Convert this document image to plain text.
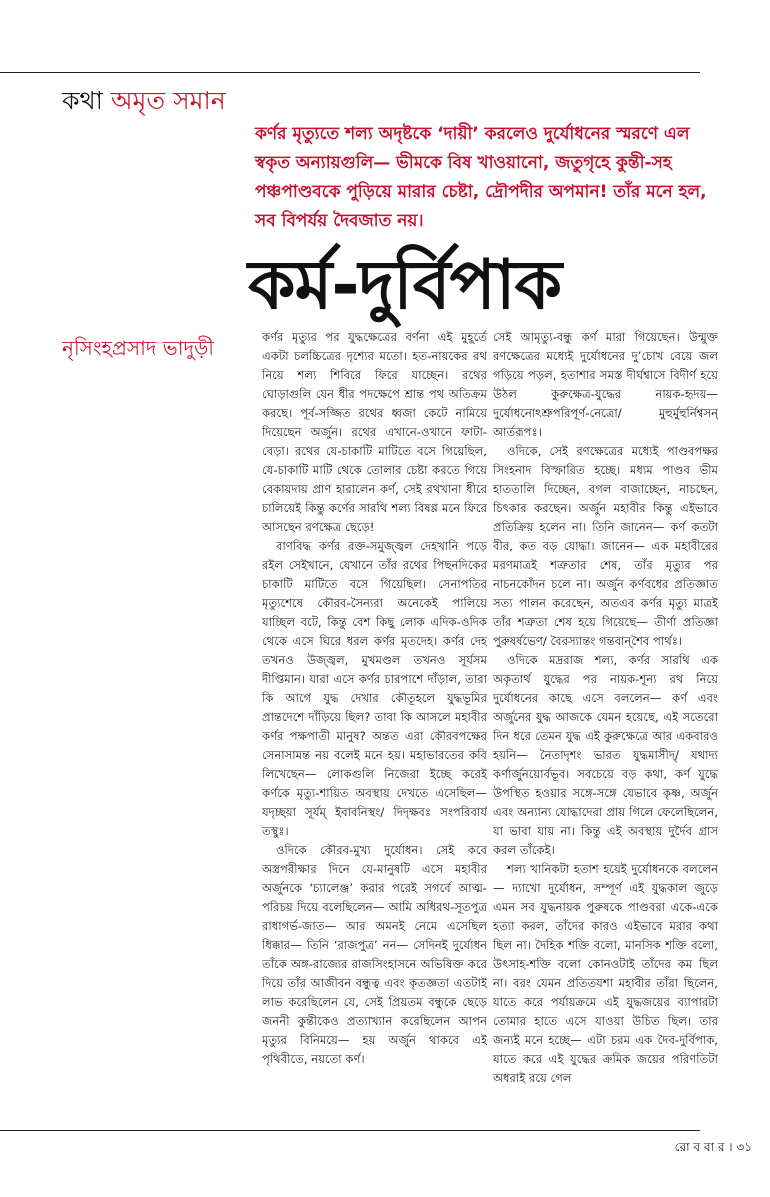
কথা অমৃত সমান
কর্ণর মৃত্যুতে শল্য অদৃষ্টকে ‘দায়ী’ করলেও দুর্যোধনের স্মরণে এল স্বকৃত অন্যায়গুলি— ভীমকে বিষ খাওয়ানো, জতুগৃহে কুন্তী-সহ পঞ্চপাণ্ডবকে পুড়িয়ে মারার চেষ্টা, দ্রৌপদীর অপমান! তাঁর মনে হল, সব বিপর্যয় দৈবজাত নয়।
কর্ম-দুর্বিপাক
নৃসিংহপ্রসাদ ভাদুড়ী	কর্ণর মৃত্যুর পর যুদ্ধক্ষেত্রের বর্ণনা এই মুহূর্তে একটা চলচ্চিত্রের দৃশ্যের মতো। হত-নায়কের রথ নিয়ে শল্য শিবিরে ফিরে যাচ্ছেন। রথের ঘোড়াগুলি যেন ধীর পদক্ষেপে শ্রান্ত পথ অতিক্রম করছে। পূর্ব-সজ্জিত রথের ধ্বজা কেটে নামিয়ে দিয়েছেন অর্জুন। রথের এখানে-ওখানে ফাটা-বেড়া। রথের যে-চাকাটি মাটিতে বসে গিয়েছিল, যে-চাকাটি মাটি থেকে তোলার চেষ্টা করতে গিয়ে বেকায়দায় প্রাণ হারালেন কর্ণ, সেই রথখানা ধীরে চালিয়েই কিন্তু কর্ণের সারথি শল্য বিষণ্ণ মনে ফিরে আসছেন রণক্ষেত্র ছেড়ে!

বাণবিদ্ধ কর্ণর রক্ত-সমুজ্জ্বল দেহখানি পড়ে রইল সেইখানে, যেখানে তাঁর রথের পিছনদিকের চাকাটি মাটিতে বসে গিয়েছিল। সেনাপতির মৃত্যুশেষে কৌরব-সৈন্যরা অনেকেই পালিয়ে যাচ্ছিল বটে, কিন্তু বেশ কিছু লোক এদিক-ওদিক থেকে এসে ঘিরে ধরল কর্ণর মৃতদেহ। কর্ণর দেহ তখনও উজ্জ্বল, মুখমণ্ডল তখনও সূর্যসম দীপ্তিমান। যারা এসে কর্ণর চারপাশে দাঁড়াল, তারা কি আগে যুদ্ধ দেখার কৌতূহলে যুদ্ধভূমির প্রান্তদেশে দাঁড়িয়ে ছিল? তাবা কি আসলে মহাবীর কর্ণর পক্ষপাতী মানুষ? অন্তত এরা কৌরবপক্ষের সেনাসামন্ত নয় বলেই মনে হয়। মহাভারতের কবি লিখেছেন— লোকগুলি নিজেরা ইচ্ছে করেই কর্ণকে মৃত্যু-শায়িত অবস্থায় দেখতে এসেছিল— যদৃচ্ছয়া সূর্যম্ ইবাবনিস্থং/ দিদৃক্ষবঃ সংপরিবার্য তস্থুঃ।

ওদিকে কৌরব-মুখ্য দুর্যোধন। সেই কবে অস্ত্রপরীক্ষার দিনে যে-মানুষটি এসে মহাবীর অর্জুনকে ‘চ্যালেঞ্জ’ করার পরেই সগর্বে আত্ম-পরিচয় দিয়ে বলেছিলেন— আমি অধিরথ-সূতপুত্র রাধাগর্ভ-জাত— আর অমনই নেমে এসেছিল ধিক্কার— তিনি ‘রাজপুত্র’ নন— সেদিনই দুর্যোধন তাঁকে অঙ্গ-রাজ্যের রাজসিংহাসনে অভিষিক্ত করে দিয়ে তাঁর আজীবন বন্ধুত্ব এবং কৃতজ্ঞতা এতটাই লাভ করেছিলেন যে, সেই প্রিয়তম বন্ধুকে ছেড়ে জননী কুন্তীকেও প্রত্যাখ্যান করেছিলেন আপন মৃত্যুর বিনিময়ে— হয় অর্জুন থাকবে এই পৃথিবীতে, নয়তো কর্ণ।

সেই আমৃত্যু-বন্ধু কর্ণ মারা গিয়েছেন। উন্মুক্ত রণক্ষেত্রের মধ্যেই দুর্যোধনের দু’চোখ বেয়ে জল গড়িয়ে পড়ল, হতাশার সমস্ত দীর্ঘশ্বাসে বিদীর্ণ হয়ে উঠল কুরুক্ষেত্র-যুদ্ধের নায়ক-হৃদয়— দুর্যোধনোঽশ্রুপরিপূর্ণ-নেত্রো/ মুহুর্মুহুর্নিশ্বসন্ আর্তরূপঃ।

ওদিকে, সেই রণক্ষেত্রের মধ্যেই পাণ্ডবপক্ষর সিংহনাদ বিস্ফারিত হচ্ছে। মধ্যম পাণ্ডব ভীম হাততালি দিচ্ছেন, বগল বাজাচ্ছেন, নাচছেন, চিৎকার করছেন। অর্জুন মহাবীর কিন্তু এইভাবে প্রতিক্রিয় হলেন না। তিনি জানেন— কর্ণ কতটা বীর, কত বড় যোদ্ধা। জানেন— এক মহাবীরের মরণমাত্রই শত্রুতার শেষ, তাঁর মৃত্যুর পর নাচনকোঁদন চলে না। অর্জুন কর্ণবধের প্রতিজ্ঞাত সত্য পালন করেছেন, অতএব কর্ণর মৃত্যু মাত্রই তাঁর শত্রুতা শেষ হয়ে গিয়েছে— তীর্ণা প্রতিজ্ঞা পুরুষর্ষভেণ/ বৈরস্যান্তং গন্তবান্‌শৈব পার্থঃ।

ওদিকে মদ্ররাজ শল্য, কর্ণর সারথি এক অকৃতার্থ যুদ্ধের পর নায়ক-শূন্য রথ নিয়ে দুর্যোধনের কাছে এসে বললেন— কর্ণ এবং অর্জুনের যুদ্ধ আজকে যেমন হয়েছে, এই সতেরো দিন ধরে তেমন যুদ্ধ এই কুরুক্ষেত্রে আর একবারও হয়নি— নৈতাদৃশং ভারত যুদ্ধমাসীদ্/ যথাদ্য কর্ণার্জুনয়োর্বভূব। সবচেয়ে বড় কথা, কর্ণ যুদ্ধে উপস্থিত হওয়ার সঙ্গে-সঙ্গে যেভাবে কৃষ্ণ, অর্জুন এবং অন্যান্য যোদ্ধাদেরা প্রায় গিলে ফেলেছিলেন, যা ভাবা যায় না। কিন্তু এই অবস্থায় দুর্দৈব গ্রাস করল তাঁকেই।

শল্য খানিকটা হতাশ হয়েই দুর্যোধনকে বললেন— দ্যাখো দুর্যোধন, সম্পূর্ণ এই যুদ্ধকাল জুড়ে এমন সব যুদ্ধনায়ক পুরুষকে পাণ্ডবরা একে-একে হত্যা করল, তাঁদের কারও এইভাবে মরার কথা ছিল না। দৈহিক শক্তি বলো, মানসিক শক্তি বলো, উৎসাহ-শক্তি বলো কোনওটাই তাঁদের কম ছিল না। বরং যেমন প্রতিতযশা মহাবীর তাঁরা ছিলেন, যাতে করে পর্যায়ক্রমে এই যুদ্ধজয়ের ব্যাপারটা তোমার হাতে এসে যাওয়া উচিত ছিল। তার জন্যই মনে হচ্ছে— এটা চরম এক দৈব-দুর্বিপাক, যাতে করে এই যুদ্ধের ক্রমিক জয়ের পরিণতিটা অধরাই রয়ে গেল

রো ব বা র । ৩১
